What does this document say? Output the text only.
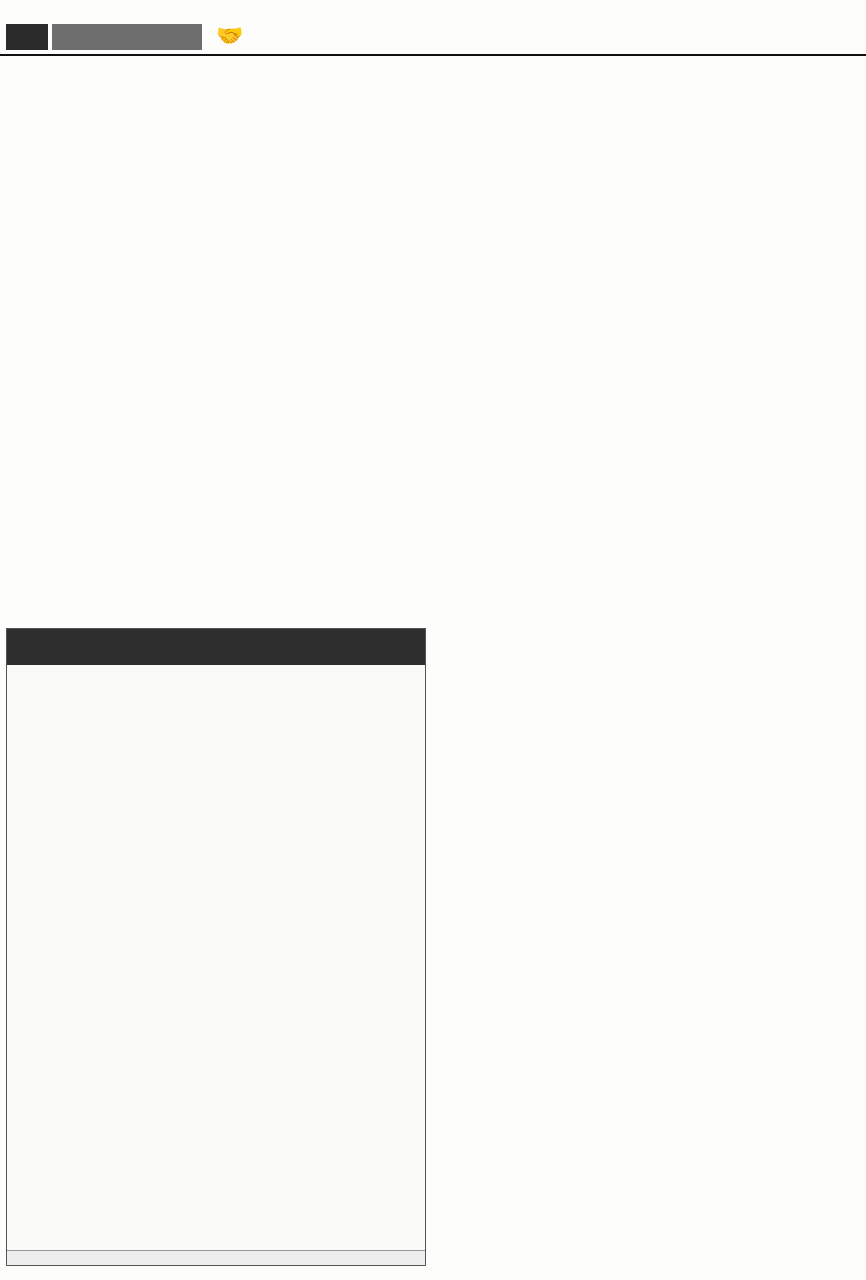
🤝
